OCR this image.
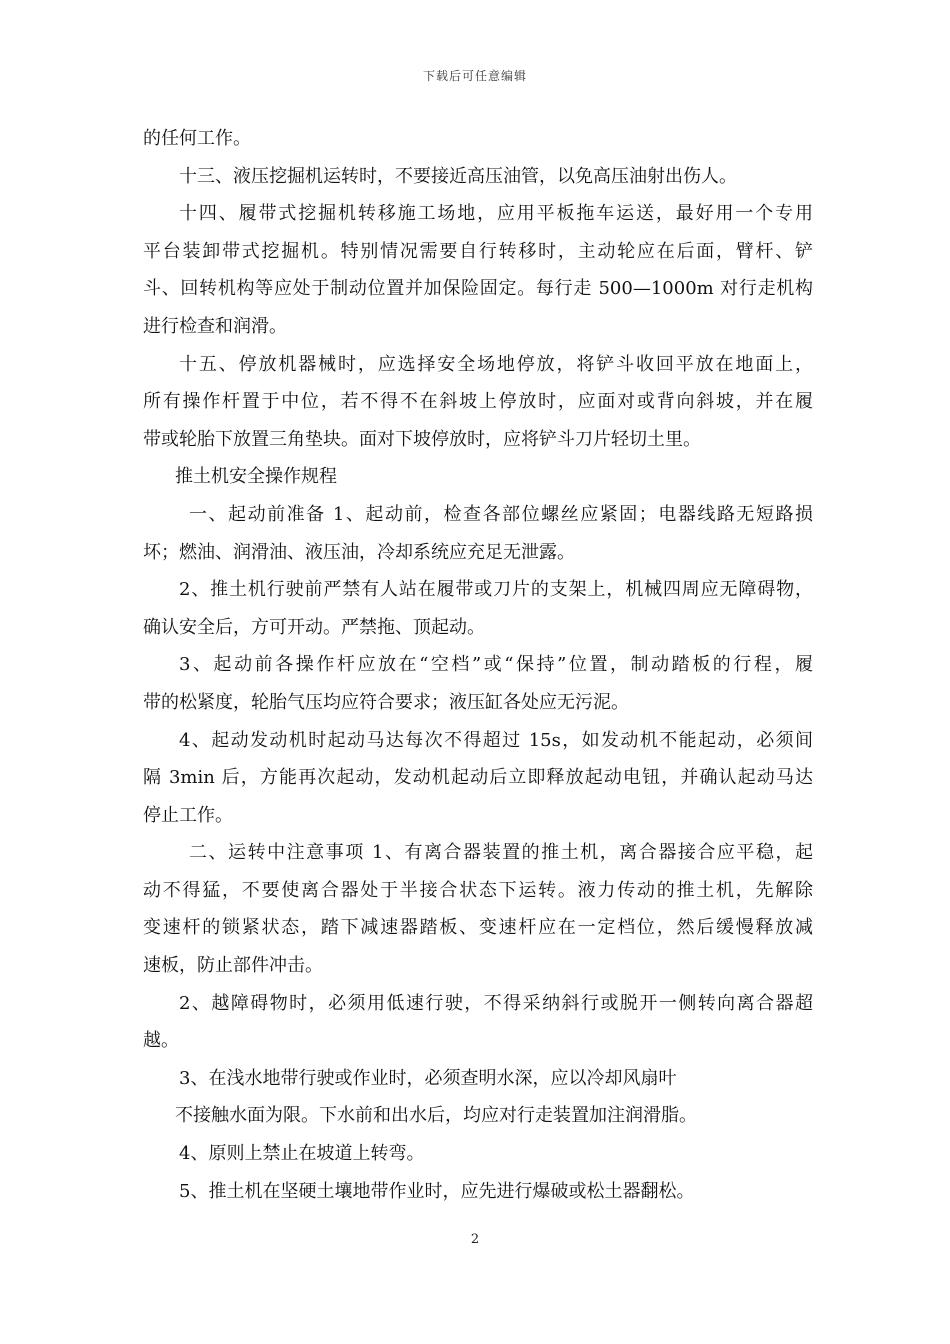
下载后可任意编辑
的任何工作。
十三、液压挖掘机运转时，不要接近高压油管，以免高压油射出伤人。
十四、履带式挖掘机转移施工场地，应用平板拖车运送，最好用一个专用
平台装卸带式挖掘机。特别情况需要自行转移时，主动轮应在后面，臂杆、铲
斗、回转机构等应处于制动位置并加保险固定。每行走 500—1000m 对行走机构
进行检查和润滑。
十五、停放机器械时，应选择安全场地停放，将铲斗收回平放在地面上，
所有操作杆置于中位，若不得不在斜坡上停放时，应面对或背向斜坡，并在履
带或轮胎下放置三角垫块。面对下坡停放时，应将铲斗刀片轻切土里。
推土机安全操作规程
一、起动前准备 1、起动前，检查各部位螺丝应紧固；电器线路无短路损
坏；燃油、润滑油、液压油，冷却系统应充足无泄露。
2、推土机行驶前严禁有人站在履带或刀片的支架上，机械四周应无障碍物，
确认安全后，方可开动。严禁拖、顶起动。
3、起动前各操作杆应放在“空档”或“保持”位置，制动踏板的行程，履
带的松紧度，轮胎气压均应符合要求；液压缸各处应无污泥。
4、起动发动机时起动马达每次不得超过 15s，如发动机不能起动，必须间
隔 3min 后，方能再次起动，发动机起动后立即释放起动电钮，并确认起动马达
停止工作。
二、运转中注意事项 1、有离合器装置的推土机，离合器接合应平稳，起
动不得猛，不要使离合器处于半接合状态下运转。液力传动的推土机，先解除
变速杆的锁紧状态，踏下减速器踏板、变速杆应在一定档位，然后缓慢释放减
速板，防止部件冲击。
2、越障碍物时，必须用低速行驶，不得采纳斜行或脱开一侧转向离合器超
越。
3、在浅水地带行驶或作业时，必须查明水深，应以冷却风扇叶
不接触水面为限。下水前和出水后，均应对行走装置加注润滑脂。
4、原则上禁止在坡道上转弯。
5、推土机在坚硬土壤地带作业时，应先进行爆破或松土器翻松。
2
